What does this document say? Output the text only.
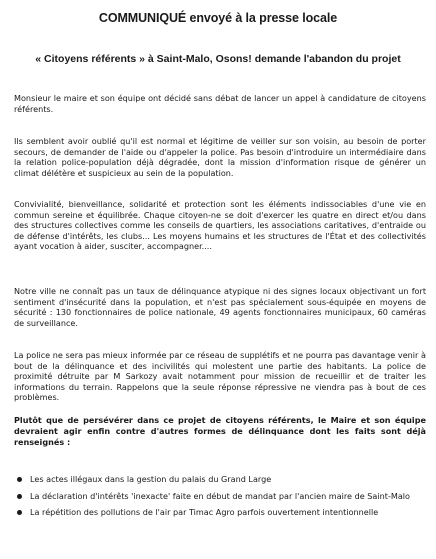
COMMUNIQUÉ envoyé à la presse locale
« Citoyens référents » à Saint-Malo, Osons! demande l'abandon du projet

Monsieur le maire et son équipe ont décidé sans débat de lancer un appel à candidature de citoyens référents.

Ils semblent avoir oublié qu'il est normal et légitime de veiller sur son voisin, au besoin de porter secours, de demander de l'aide ou d'appeler la police. Pas besoin d'introduire un intermédiaire dans la relation police-population déjà dégradée, dont la mission d'information risque de générer un climat délétère et suspicieux au sein de la population.

Convivialité, bienveillance, solidarité et protection sont les éléments indissociables d'une vie en commun sereine et équilibrée. Chaque citoyen-ne se doit d'exercer les quatre en direct et/ou dans des structures collectives comme les conseils de quartiers, les associations caritatives, d'entraide ou de défense d'intérêts, les clubs... Les moyens humains et les structures de l'État et des collectivités ayant vocation à aider, susciter, accompagner....

Notre ville ne connaît pas un taux de délinquance atypique ni des signes locaux objectivant un fort sentiment d'insécurité dans la population, et n'est pas spécialement sous-équipée en moyens de sécurité : 130 fonctionnaires de police nationale, 49 agents fonctionnaires municipaux, 60 caméras de surveillance.

La police ne sera pas mieux informée par ce réseau de supplétifs et ne pourra pas davantage venir à bout de la délinquance et des incivilités qui molestent une partie des habitants. La police de proximité détruite par M Sarkozy avait notamment pour mission de recueillir et de traiter les informations du terrain. Rappelons que la seule réponse répressive ne viendra pas à bout de ces problèmes.

Plutôt que de persévérer dans ce projet de citoyens référents, le Maire et son équipe devraient agir enfin contre d'autres formes de délinquance dont les faits sont déjà renseignés :

Les actes illégaux dans la gestion du palais du Grand Large
La déclaration d'intérêts 'inexacte' faite en début de mandat par l'ancien maire de Saint-Malo
La répétition des pollutions de l'air par Timac Agro parfois ouvertement intentionnelle
